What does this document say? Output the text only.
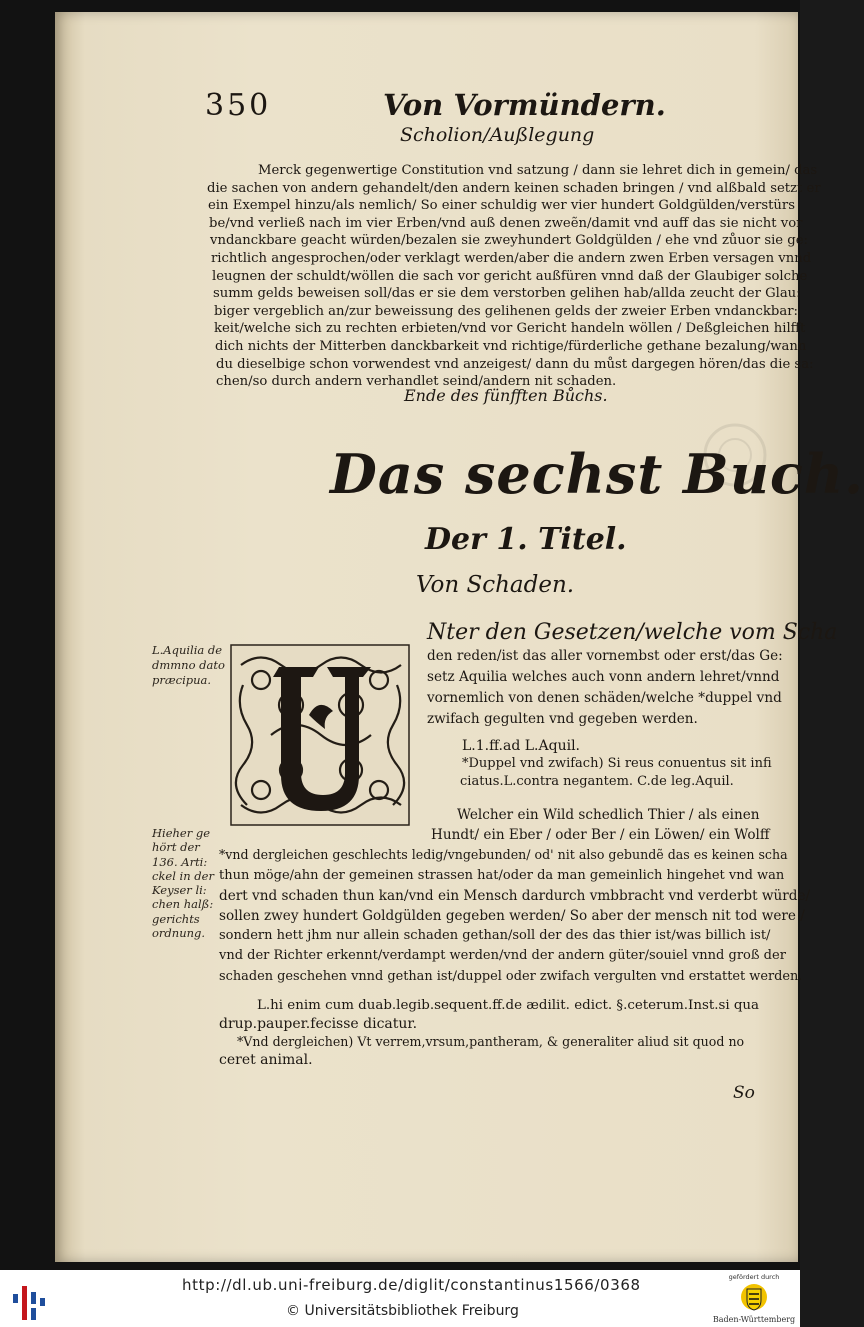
350	Von Vormündern.
Scholion/Außlegung
Merck gegenwertige Constitution vnd satzung / dann sie lehret dich in gemein/ das
die sachen von andern gehandelt/den andern keinen schaden bringen / vnd alßbald setzt er
ein Exempel hinzu/als nemlich/ So einer schuldig wer vier hundert Goldgülden/verstürs
be/vnd verließ nach im vier Erben/vnd auß denen zweẽn/damit vnd auff das sie nicht vor
vndanckbare geacht würden/bezalen sie zweyhundert Goldgülden / ehe vnd zůuor sie ge:
richtlich angesprochen/oder verklagt werden/aber die andern zwen Erben versagen vnnd
leugnen der schuldt/wöllen die sach vor gericht außfüren vnnd daß der Glaubiger solche
summ gelds beweisen soll/das er sie dem verstorben gelihen hab/allda zeucht der Glau:
biger vergeblich an/zur beweissung des gelihenen gelds der zweier Erben vndanckbar:
keit/welche sich zu rechten erbieten/vnd vor Gericht handeln wöllen / Deßgleichen hilfft
dich nichts der Mitterben danckbarkeit vnd richtige/fürderliche gethane bezalung/wann
du dieselbige schon vorwendest vnd anzeigest/ dann du můst dargegen hören/das die sa:
chen/so durch andern verhandlet seind/andern nit schaden.
Ende des fünfften Bůchs.
Das sechst Buch.
Der 1. Titel.
Von Schaden.
Nter den Gesetzen/welche vom Scha
den reden/ist das aller vornembst oder erst/das Ge:
setz Aquilia welches auch vonn andern lehret/vnnd
vornemlich von denen schäden/welche *duppel vnd
zwifach gegulten vnd gegeben werden.
L.Aquilia de
dmmno dato
præcipua.
L.1.ff.ad L.Aquil.
*Duppel vnd zwifach) Si reus conuentus sit infi
ciatus.L.contra negantem. C.de leg.Aquil.
Welcher ein Wild schedlich Thier / als einen
Hundt/ ein Eber / oder Ber / ein Löwen/ ein Wolff
*vnd dergleichen geschlechts ledig/vngebunden/ od' nit also gebundẽ das es keinen scha
thun möge/ahn der gemeinen strassen hat/oder da man gemeinlich hingehet vnd wan
dert vnd schaden thun kan/vnd ein Mensch dardurch vmbbracht vnd verderbt würde/
sollen zwey hundert Goldgülden gegeben werden/ So aber der mensch nit tod were /
sondern hett jhm nur allein schaden gethan/soll der des das thier ist/was billich ist/
vnd der Richter erkennt/verdampt werden/vnd der andern güter/souiel vnnd groß der
schaden geschehen vnnd gethan ist/duppel oder zwifach vergulten vnd erstattet werden.
Hieher ge
hört der
136. Arti:
ckel in der
Keyser li:
chen halß:
gerichts
ordnung.
L.hi enim cum duab.legib.sequent.ff.de ædilit. edict. §.ceterum.Inst.si qua
drup.pauper.fecisse dicatur.
*Vnd dergleichen) Vt verrem,vrsum,pantheram, & generaliter aliud sit quod no
ceret animal.
So
http://dl.ub.uni-freiburg.de/diglit/constantinus1566/0368
© Universitätsbibliothek Freiburg
gefördert durch
Baden-Württemberg
